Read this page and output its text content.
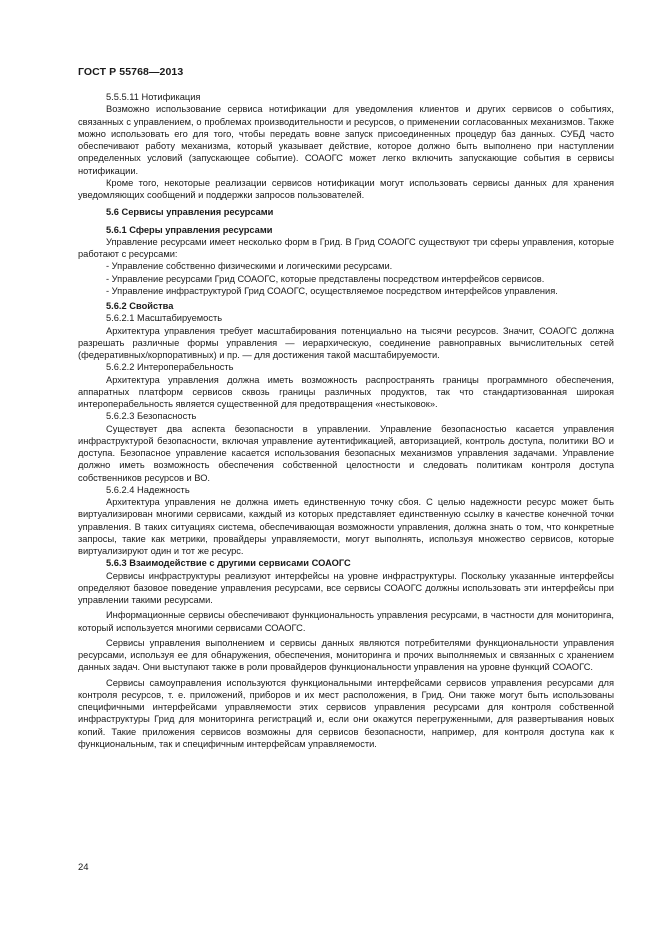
ГОСТ Р 55768—2013

5.5.5.11 Нотификация

Возможно использование сервиса нотификации для уведомления клиентов и других сервисов о событиях, связанных с управлением, о проблемах производительности и ресурсов, о применении согласованных механизмов. Также можно использовать его для того, чтобы передать вовне запуск присоединенных процедур баз данных. СУБД часто обеспечивают работу механизма, который указывает действие, которое должно быть выполнено при наступлении определенных условий (запускающее событие). СОАОГС может легко включить запускающие события в сервисы нотификации.

Кроме того, некоторые реализации сервисов нотификации могут использовать сервисы данных для хранения уведомляющих сообщений и поддержки запросов пользователей.

5.6 Сервисы управления ресурсами

5.6.1 Сферы управления ресурсами

Управление ресурсами имеет несколько форм в Грид. В Грид СОАОГС существуют три сферы управления, которые работают с ресурсами:

- Управление собственно физическими и логическими ресурсами.

- Управление ресурсами Грид СОАОГС, которые представлены посредством интерфейсов сервисов.

- Управление инфраструктурой Грид СОАОГС, осуществляемое посредством интерфейсов управления.

5.6.2 Свойства

5.6.2.1 Масштабируемость

Архитектура управления требует масштабирования потенциально на тысячи ресурсов. Значит, СОАОГС должна разрешать различные формы управления — иерархическую, соединение равноправных вычислительных сетей (федеративных/корпоративных) и пр. — для достижения такой масштабируемости.

5.6.2.2 Интероперабельность

Архитектура управления должна иметь возможность распространять границы программного обеспечения, аппаратных платформ сервисов сквозь границы различных продуктов, так что стандартизованная широкая интероперабельность является существенной для предотвращения «нестыковок».

5.6.2.3 Безопасность

Существует два аспекта безопасности в управлении. Управление безопасностью касается управления инфраструктурой безопасности, включая управление аутентификацией, авторизацией, контроль доступа, политики ВО и доступа. Безопасное управление касается использования безопасных механизмов управления задачами. Управление должно иметь возможность обеспечения собственной целостности и следовать политикам контроля доступа собственников ресурсов и ВО.

5.6.2.4 Надежность

Архитектура управления не должна иметь единственную точку сбоя. С целью надежности ресурс может быть виртуализирован многими сервисами, каждый из которых представляет единственную ссылку в качестве конечной точки управления. В таких ситуациях система, обеспечивающая возможности управления, должна знать о том, что конкретные запросы, такие как метрики, провайдеры управляемости, могут выполнять, используя множество сервисов, которые виртуализируют один и тот же ресурс.

5.6.3 Взаимодействие с другими сервисами СОАОГС

Сервисы инфраструктуры реализуют интерфейсы на уровне инфраструктуры. Поскольку указанные интерфейсы определяют базовое поведение управления ресурсами, все сервисы СОАОГС должны использовать эти интерфейсы при управлении такими ресурсами.

Информационные сервисы обеспечивают функциональность управления ресурсами, в частности для мониторинга, который используется многими сервисами СОАОГС.

Сервисы управления выполнением и сервисы данных являются потребителями функциональности управления ресурсами, используя ее для обнаружения, обеспечения, мониторинга и прочих выполняемых и связанных с хранением данных задач. Они выступают также в роли провайдеров функциональности управления на уровне функций СОАОГС.

Сервисы самоуправления используются функциональными интерфейсами сервисов управления ресурсами для контроля ресурсов, т. е. приложений, приборов и их мест расположения, в Грид. Они также могут быть использованы специфичными интерфейсами управляемости этих сервисов управления ресурсами для контроля собственной инфраструктуры Грид для мониторинга регистраций и, если они окажутся перегруженными, для развертывания новых копий. Такие приложения сервисов возможны для сервисов безопасности, например, для контроля доступа как к функциональным, так и специфичным интерфейсам управляемости.

24
